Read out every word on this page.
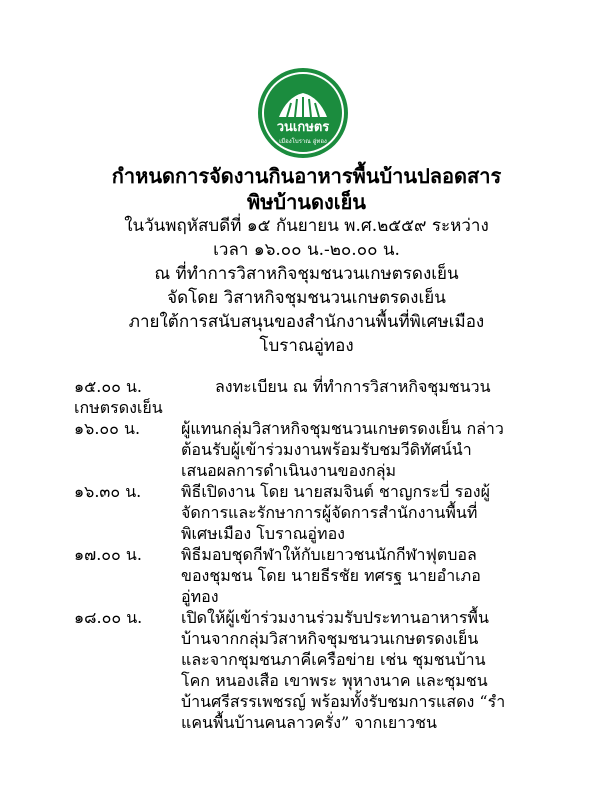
วนเกษตร
เมืองโบราณ อู่ทอง
กำหนดการจัดงานกินอาหารพื้นบ้านปลอดสาร
พิษบ้านดงเย็น
ในวันพฤหัสบดีที่ ๑๕ กันยายน พ.ศ.๒๕๕๙ ระหว่าง
เวลา ๑๖.๐๐ น.-๒๐.๐๐ น.
ณ ที่ทำการวิสาหกิจชุมชนวนเกษตรดงเย็น
จัดโดย วิสาหกิจชุมชนวนเกษตรดงเย็น
ภายใต้การสนับสนุนของสำนักงานพื้นที่พิเศษเมือง
โบราณอู่ทอง
๑๕.๐๐ น.	ลงทะเบียน ณ ที่ทำการวิสาหกิจชุมชนวน
เกษตรดงเย็น
๑๖.๐๐ น.	ผู้แทนกลุ่มวิสาหกิจชุมชนวนเกษตรดงเย็น กล่าว
ต้อนรับผู้เข้าร่วมงานพร้อมรับชมวีดิทัศน์นำ
เสนอผลการดำเนินงานของกลุ่ม
๑๖.๓๐ น.	พิธีเปิดงาน โดย นายสมจินต์ ชาญกระบี่ รองผู้
จัดการและรักษาการผู้จัดการสำนักงานพื้นที่
พิเศษเมือง โบราณอู่ทอง
๑๗.๐๐ น.	พิธีมอบชุดกีฬาให้กับเยาวชนนักกีฬาฟุตบอล
ของชุมชน โดย นายธีรชัย ทศรฐ นายอำเภอ
อู่ทอง
๑๘.๐๐ น.	เปิดให้ผู้เข้าร่วมงานร่วมรับประทานอาหารพื้น
บ้านจากกลุ่มวิสาหกิจชุมชนวนเกษตรดงเย็น
และจากชุมชนภาคีเครือข่าย เช่น ชุมชนบ้าน
โคก หนองเสือ เขาพระ พุหางนาค และชุมชน
บ้านศรีสรรเพชรญ์ พร้อมทั้งรับชมการแสดง “รำ
แคนพื้นบ้านคนลาวครั่ง” จากเยาวชน
